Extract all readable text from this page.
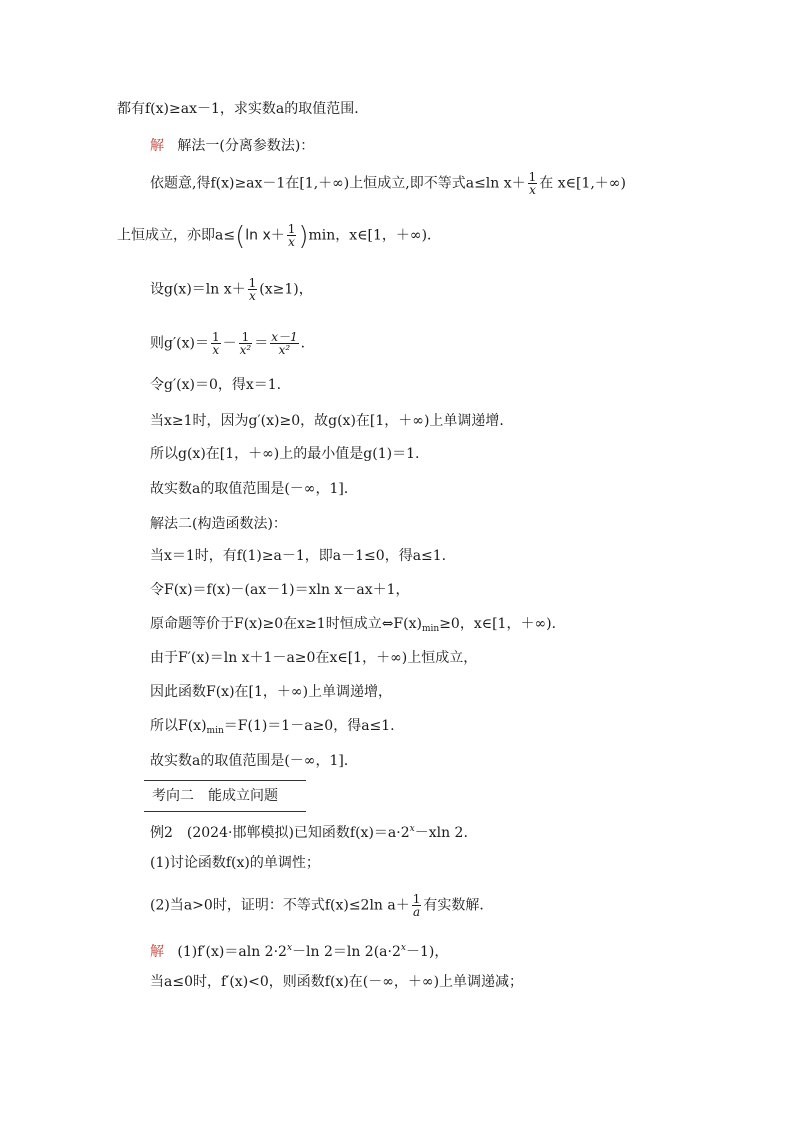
都有f(x)≥ax－1，求实数a的取值范围．
解 解法一(分离参数法)：
依题意,得f(x)≥ax－1在[1,＋∞)上恒成立,即不等式a≤ln $x+ \frac{1}{x}$ 在 x∈[1,＋∞)
上恒成立，亦即a≤(ln $x+ \frac{1}{x} )\min$，x∈[1，＋∞)．
设g(x)＝ln $x+ \frac{1}{x} (x\ge 1)$，
则$g'(x)= \frac{1}{x} - \frac{1}{\text{x²}} = \frac{x-1}{\text{x²}}$ .
令g′(x)＝0，得x＝1.
当x≥1时，因为g′(x)≥0，故g(x)在[1，＋∞)上单调递增．
所以g(x)在[1，＋∞)上的最小值是g(1)＝1.
故实数a的取值范围是(－∞，1]．
解法二(构造函数法)：
当x＝1时，有f(1)≥a－1，即a－1≤0，得a≤1.
令F(x)＝f(x)－(ax－1)＝xln x－ax＋1，
原命题等价于F(x)≥0在x≥1时恒成立$\Leftrightarrow F(x)_{min}\ge 0$，x∈[1，＋∞)．
由于F′(x)＝ln x＋1－a≥0在x∈[1，＋∞)上恒成立，
因此函数F(x)在[1，＋∞)上单调递增，
所以$F(x)_{min}=F(1)=1-a\ge 0$，得a≤1.
故实数a的取值范围是(－∞，1]．
考向二　能成立问题
例2　(2024·邯郸模拟)已知函数$f(x)=a\cdot 2^x-xln$ 2.
(1)讨论函数f(x)的单调性；
(2)当a>0时，证明：不等式f(x)≤2ln $a+ \frac{1}{a}$ 有实数解．
解 (1)f′(x)＝aln $2\cdot 2^x-\ln$ 2＝ln $2(a\cdot 2^x-1)$，
当a≤0时，f′(x)<0，则函数f(x)在(－∞，＋∞)上单调递减；
